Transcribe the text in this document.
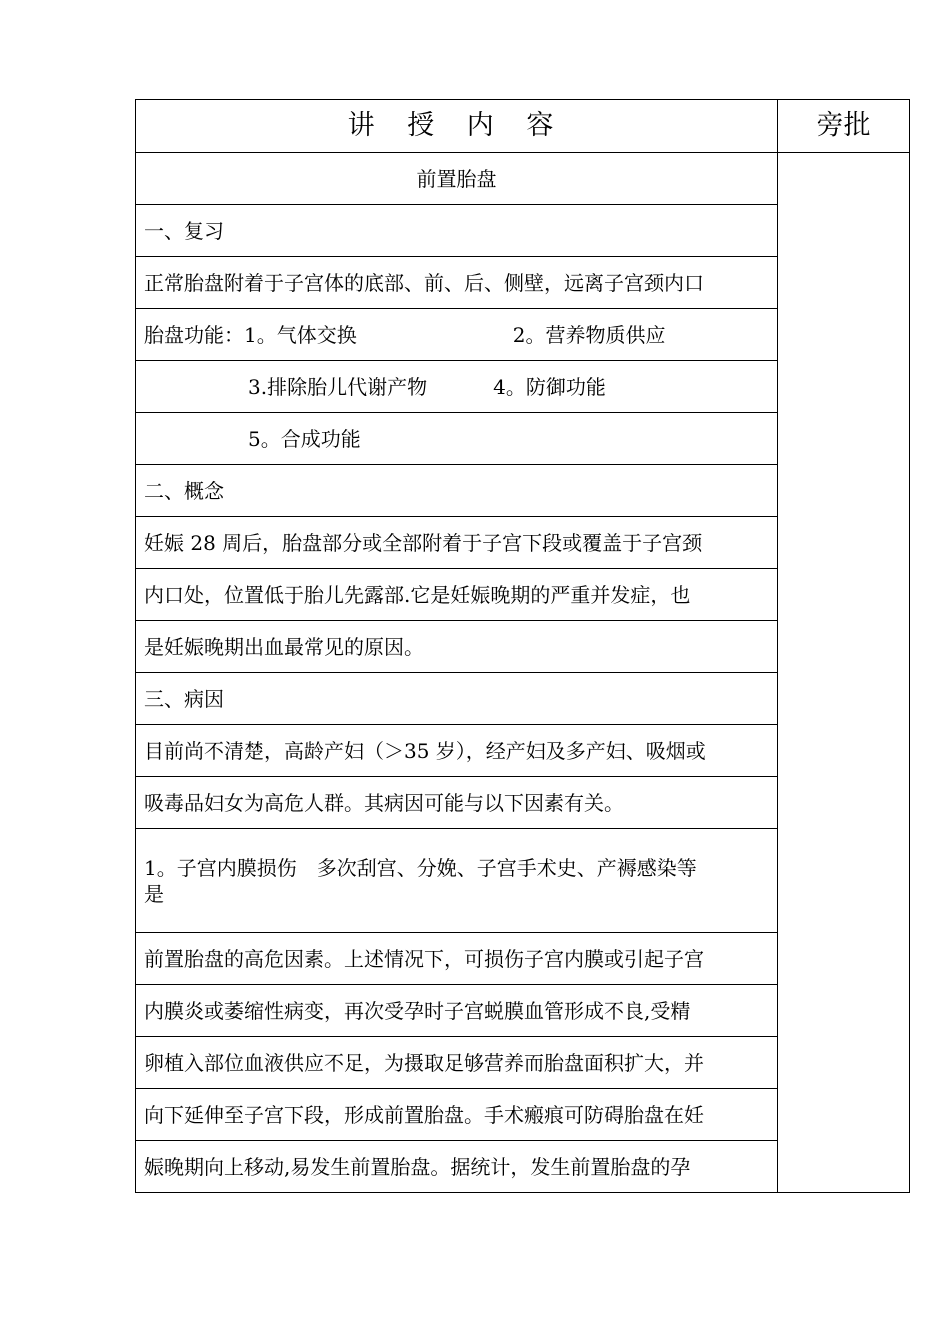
讲 授 内 容	旁批
前置胎盘	
一、复习	
正常胎盘附着于子宫体的底部、前、后、侧壁，远离子宫颈内口	
胎盘功能：1。气体交换 2。营养物质供应	
3.排除胎儿代谢产物 4。防御功能	
5。合成功能	
二、概念	
妊娠 28 周后，胎盘部分或全部附着于子宫下段或覆盖于子宫颈	
内口处，位置低于胎儿先露部.它是妊娠晚期的严重并发症，也	
是妊娠晚期出血最常见的原因。	
三、病因	
目前尚不清楚，高龄产妇（＞35 岁），经产妇及多产妇、吸烟或	
吸毒品妇女为高危人群。其病因可能与以下因素有关。	
1。子宫内膜损伤 多次刮宫、分娩、子宫手术史、产褥感染等
是	
前置胎盘的高危因素。上述情况下，可损伤子宫内膜或引起子宫	
内膜炎或萎缩性病变，再次受孕时子宫蜕膜血管形成不良,受精	
卵植入部位血液供应不足，为摄取足够营养而胎盘面积扩大，并	
向下延伸至子宫下段，形成前置胎盘。手术瘢痕可防碍胎盘在妊	
娠晚期向上移动,易发生前置胎盘。据统计，发生前置胎盘的孕	
